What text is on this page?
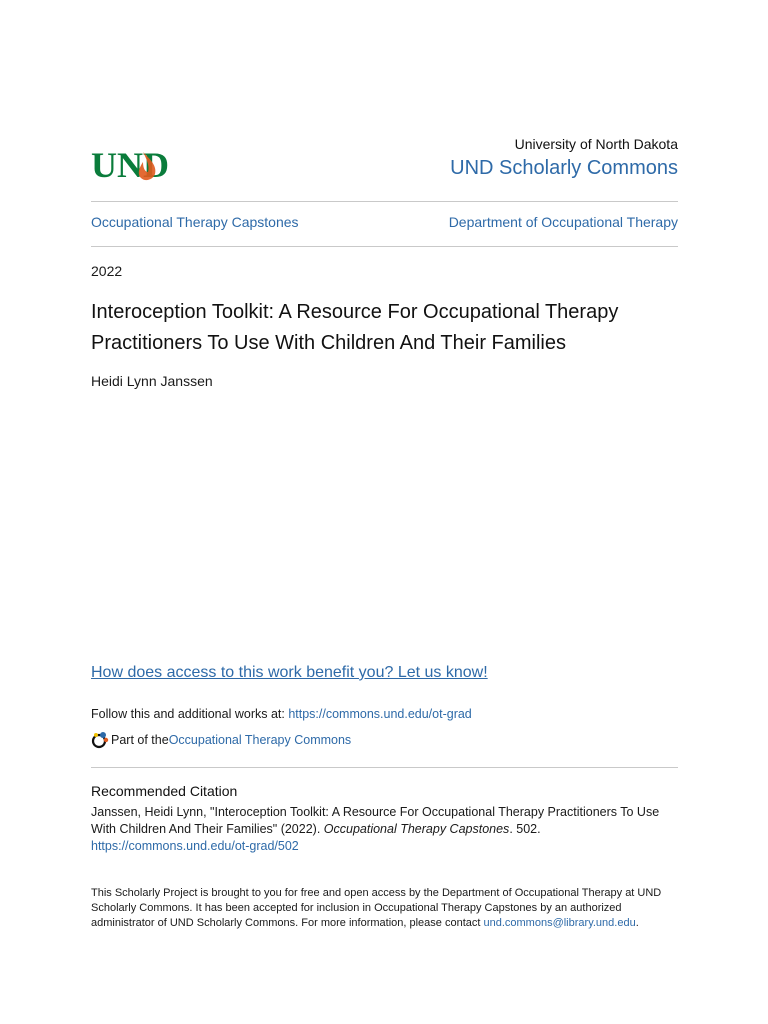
UND
University of North Dakota
UND Scholarly Commons
Occupational Therapy Capstones	Department of Occupational Therapy
2022
Interoception Toolkit: A Resource For Occupational Therapy Practitioners To Use With Children And Their Families
Heidi Lynn Janssen
How does access to this work benefit you? Let us know!
Follow this and additional works at: https://commons.und.edu/ot-grad
Part of the Occupational Therapy Commons
Recommended Citation
Janssen, Heidi Lynn, "Interoception Toolkit: A Resource For Occupational Therapy Practitioners To Use With Children And Their Families" (2022). Occupational Therapy Capstones. 502.
https://commons.und.edu/ot-grad/502
This Scholarly Project is brought to you for free and open access by the Department of Occupational Therapy at UND Scholarly Commons. It has been accepted for inclusion in Occupational Therapy Capstones by an authorized administrator of UND Scholarly Commons. For more information, please contact und.commons@library.und.edu.
